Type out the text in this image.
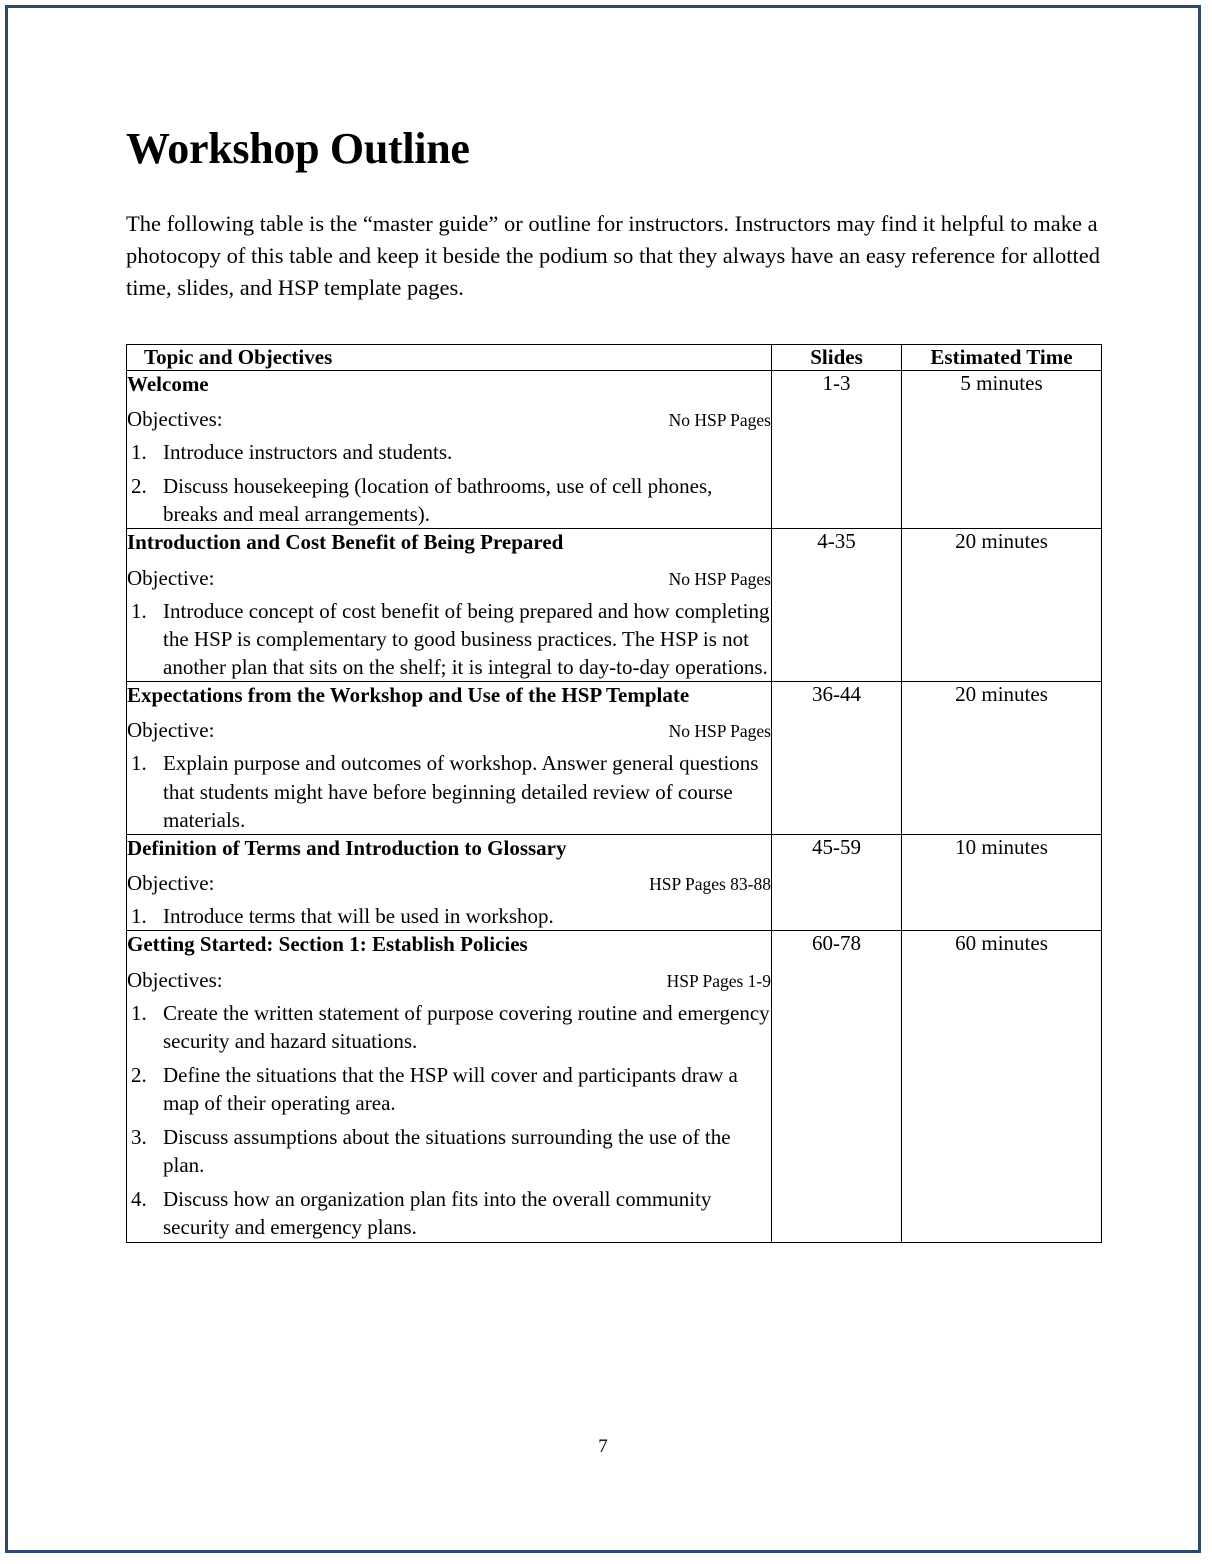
Workshop Outline

The following table is the “master guide” or outline for instructors. Instructors may find it helpful to make a photocopy of this table and keep it beside the podium so that they always have an easy reference for allotted time, slides, and HSP template pages.

Topic and Objectives	Slides	Estimated Time

Welcome
Objectives:	No HSP Pages
1. Introduce instructors and students.
2. Discuss housekeeping (location of bathrooms, use of cell phones, breaks and meal arrangements).
	1-3	5 minutes

Introduction and Cost Benefit of Being Prepared
Objective:	No HSP Pages
1. Introduce concept of cost benefit of being prepared and how completing the HSP is complementary to good business practices. The HSP is not another plan that sits on the shelf; it is integral to day-to-day operations.
	4-35	20 minutes

Expectations from the Workshop and Use of the HSP Template
Objective:	No HSP Pages
1. Explain purpose and outcomes of workshop. Answer general questions that students might have before beginning detailed review of course materials.
	36-44	20 minutes

Definition of Terms and Introduction to Glossary
Objective:	HSP Pages 83-88
1. Introduce terms that will be used in workshop.
	45-59	10 minutes

Getting Started: Section 1: Establish Policies
Objectives:	HSP Pages 1-9
1. Create the written statement of purpose covering routine and emergency security and hazard situations.
2. Define the situations that the HSP will cover and participants draw a map of their operating area.
3. Discuss assumptions about the situations surrounding the use of the plan.
4. Discuss how an organization plan fits into the overall community security and emergency plans.
	60-78	60 minutes
7
